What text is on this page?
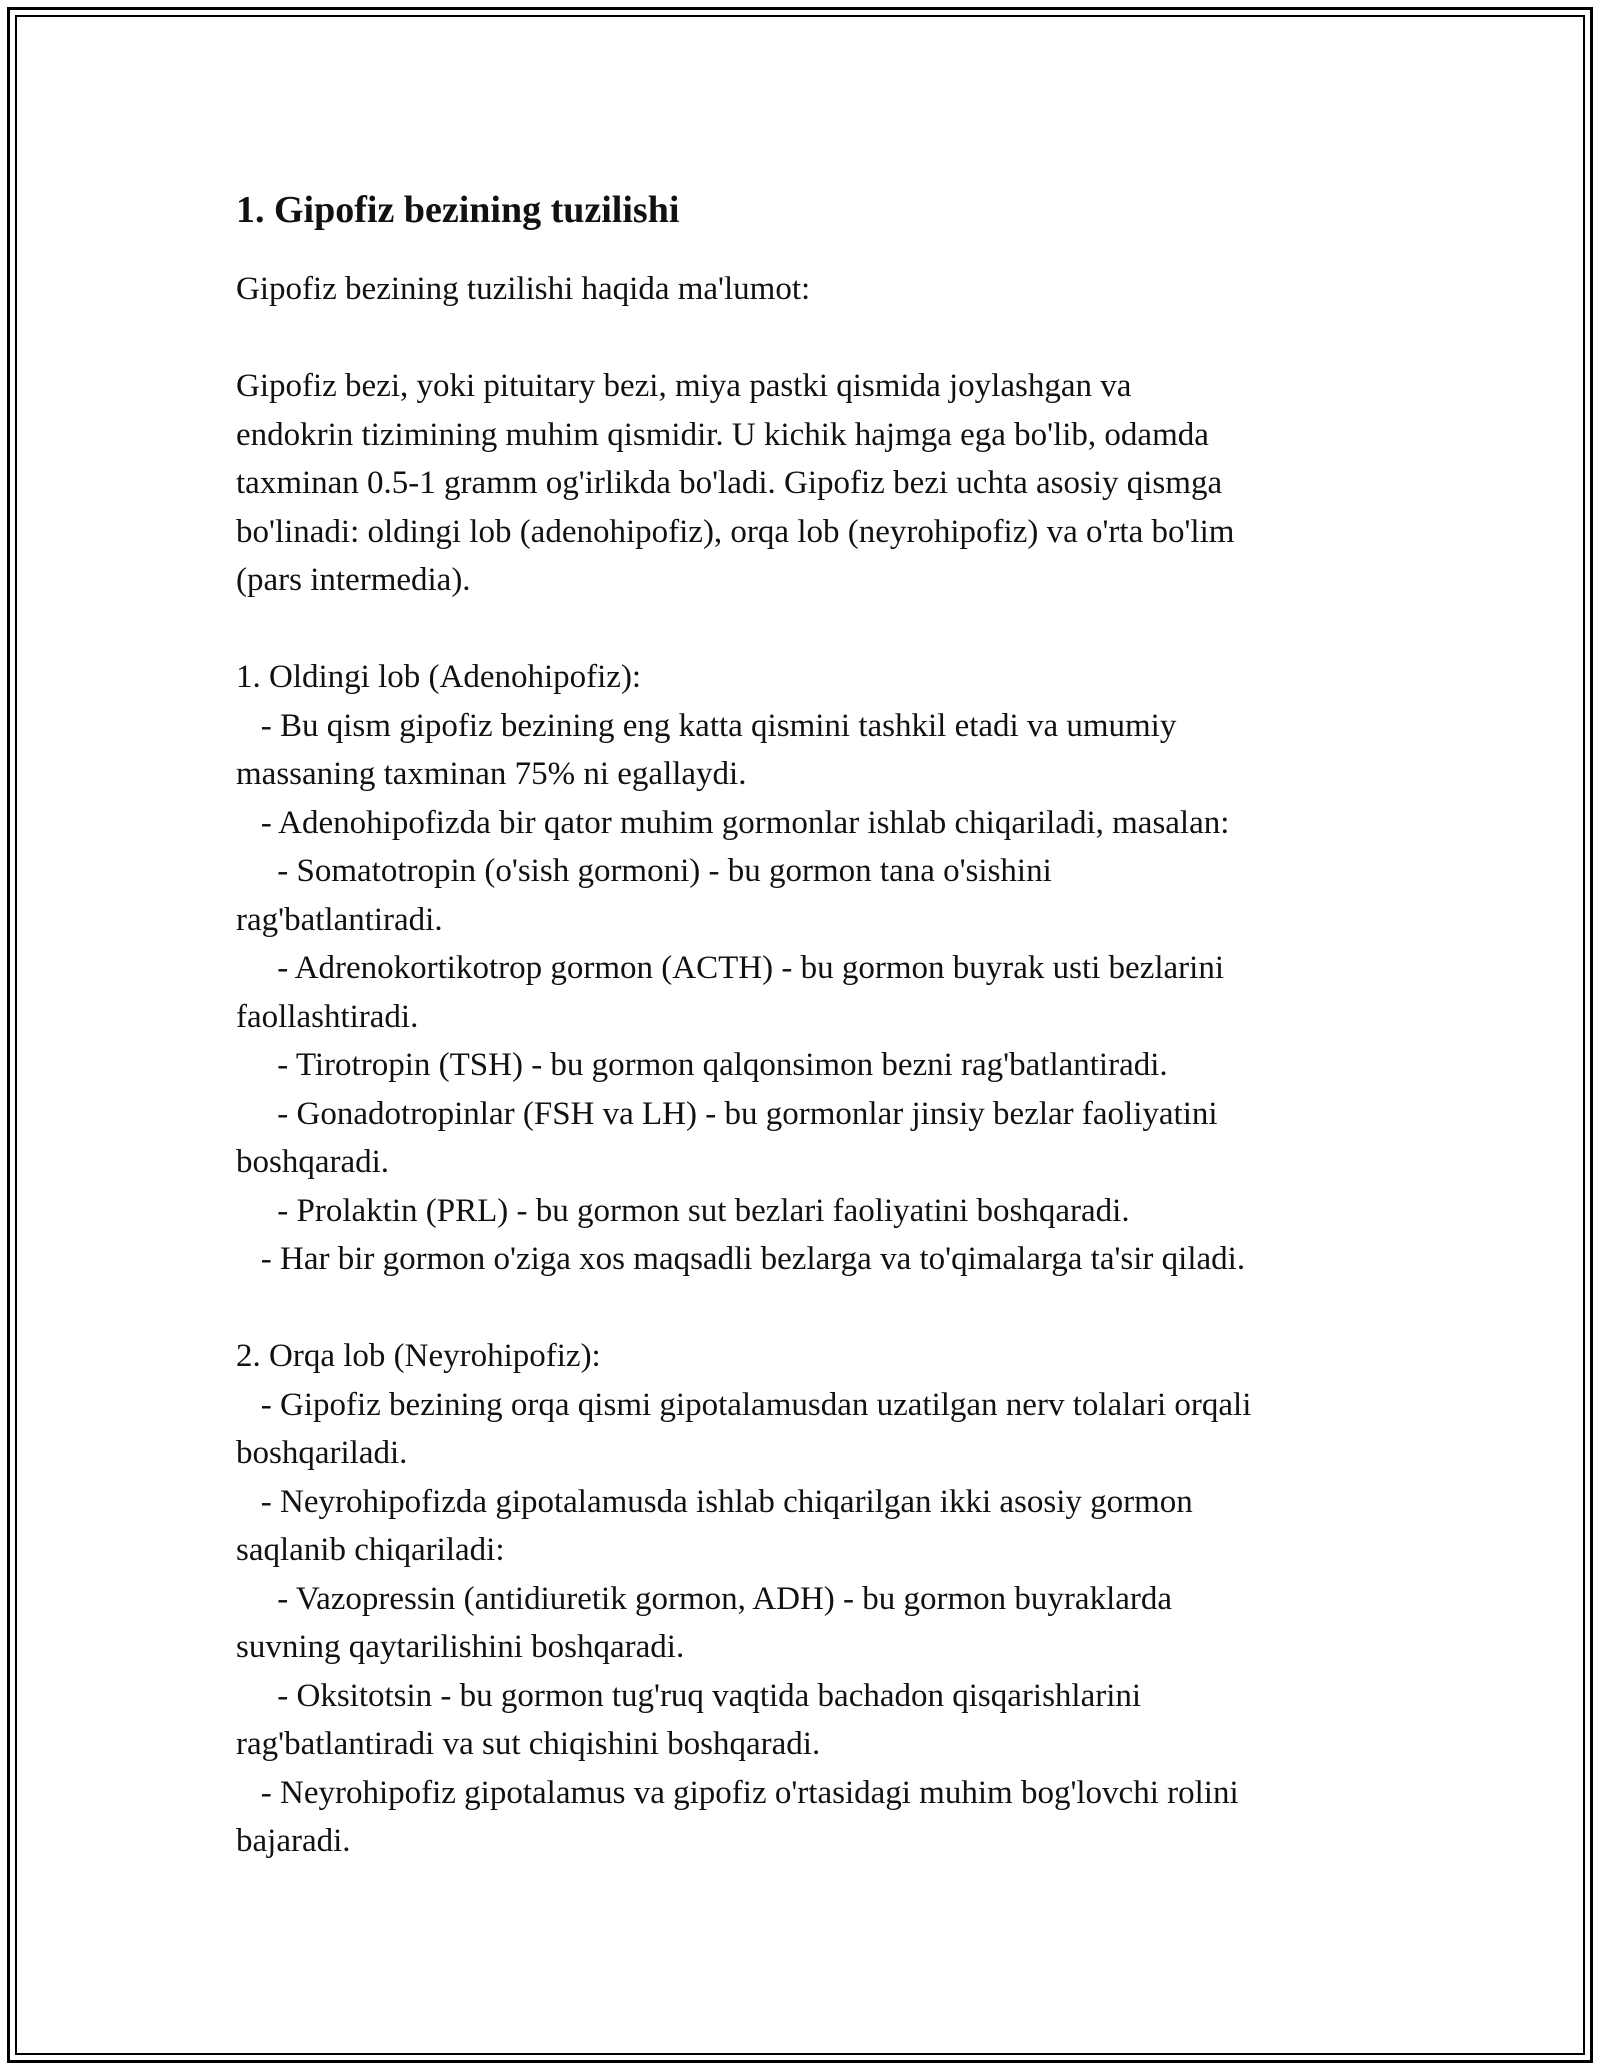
1. Gipofiz bezining tuzilishi

Gipofiz bezining tuzilishi haqida ma'lumot:

Gipofiz bezi, yoki pituitary bezi, miya pastki qismida joylashgan va

endokrin tizimining muhim qismidir. U kichik hajmga ega bo'lib, odamda

taxminan 0.5-1 gramm og'irlikda bo'ladi. Gipofiz bezi uchta asosiy qismga

bo'linadi: oldingi lob (adenohipofiz), orqa lob (neyrohipofiz) va o'rta bo'lim

(pars intermedia).

1. Oldingi lob (Adenohipofiz):

- Bu qism gipofiz bezining eng katta qismini tashkil etadi va umumiy

massaning taxminan 75% ni egallaydi.

- Adenohipofizda bir qator muhim gormonlar ishlab chiqariladi, masalan:

- Somatotropin (o'sish gormoni) - bu gormon tana o'sishini

rag'batlantiradi.

- Adrenokortikotrop gormon (ACTH) - bu gormon buyrak usti bezlarini

faollashtiradi.

- Tirotropin (TSH) - bu gormon qalqonsimon bezni rag'batlantiradi.

- Gonadotropinlar (FSH va LH) - bu gormonlar jinsiy bezlar faoliyatini

boshqaradi.

- Prolaktin (PRL) - bu gormon sut bezlari faoliyatini boshqaradi.

- Har bir gormon o'ziga xos maqsadli bezlarga va to'qimalarga ta'sir qiladi.

2. Orqa lob (Neyrohipofiz):

- Gipofiz bezining orqa qismi gipotalamusdan uzatilgan nerv tolalari orqali

boshqariladi.

- Neyrohipofizda gipotalamusda ishlab chiqarilgan ikki asosiy gormon

saqlanib chiqariladi:

- Vazopressin (antidiuretik gormon, ADH) - bu gormon buyraklarda

suvning qaytarilishini boshqaradi.

- Oksitotsin - bu gormon tug'ruq vaqtida bachadon qisqarishlarini

rag'batlantiradi va sut chiqishini boshqaradi.

- Neyrohipofiz gipotalamus va gipofiz o'rtasidagi muhim bog'lovchi rolini

bajaradi.
